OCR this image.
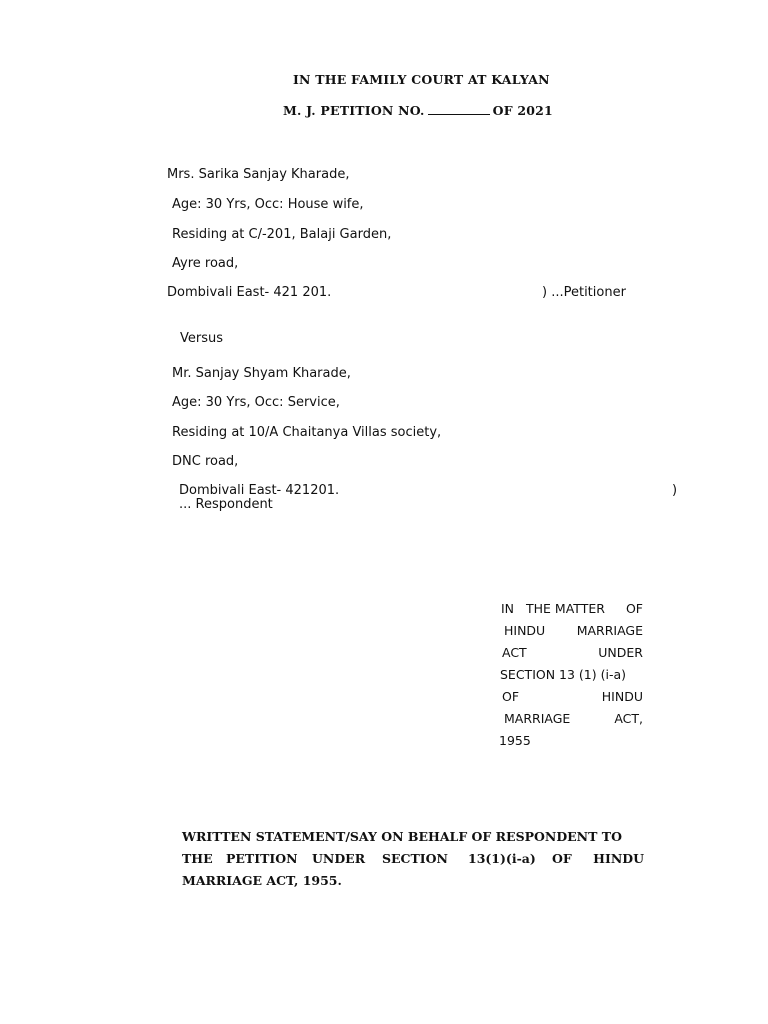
IN THE FAMILY COURT AT KALYAN
M. J. PETITION NO.	OF 2021
Mrs. Sarika Sanjay Kharade,
Age: 30 Yrs, Occ: House wife,
Residing at C/-201, Balaji Garden,
Ayre road,
Dombivali East- 421 201.	) ...Petitioner
Versus
Mr. Sanjay Shyam Kharade,
Age: 30 Yrs, Occ: Service,
Residing at 10/A Chaitanya Villas society,
DNC road,
Dombivali East- 421201.	)
... Respondent
IN THE MATTER OF
HINDU	MARRIAGE
ACT	UNDER
SECTION 13 (1) (i-a)
OF	HINDU
MARRIAGE	ACT,
1955
WRITTEN STATEMENT/SAY ON BEHALF OF RESPONDENT TO
THE PETITION UNDER SECTION 13(1)(i-a) OF HINDU
MARRIAGE ACT, 1955.
